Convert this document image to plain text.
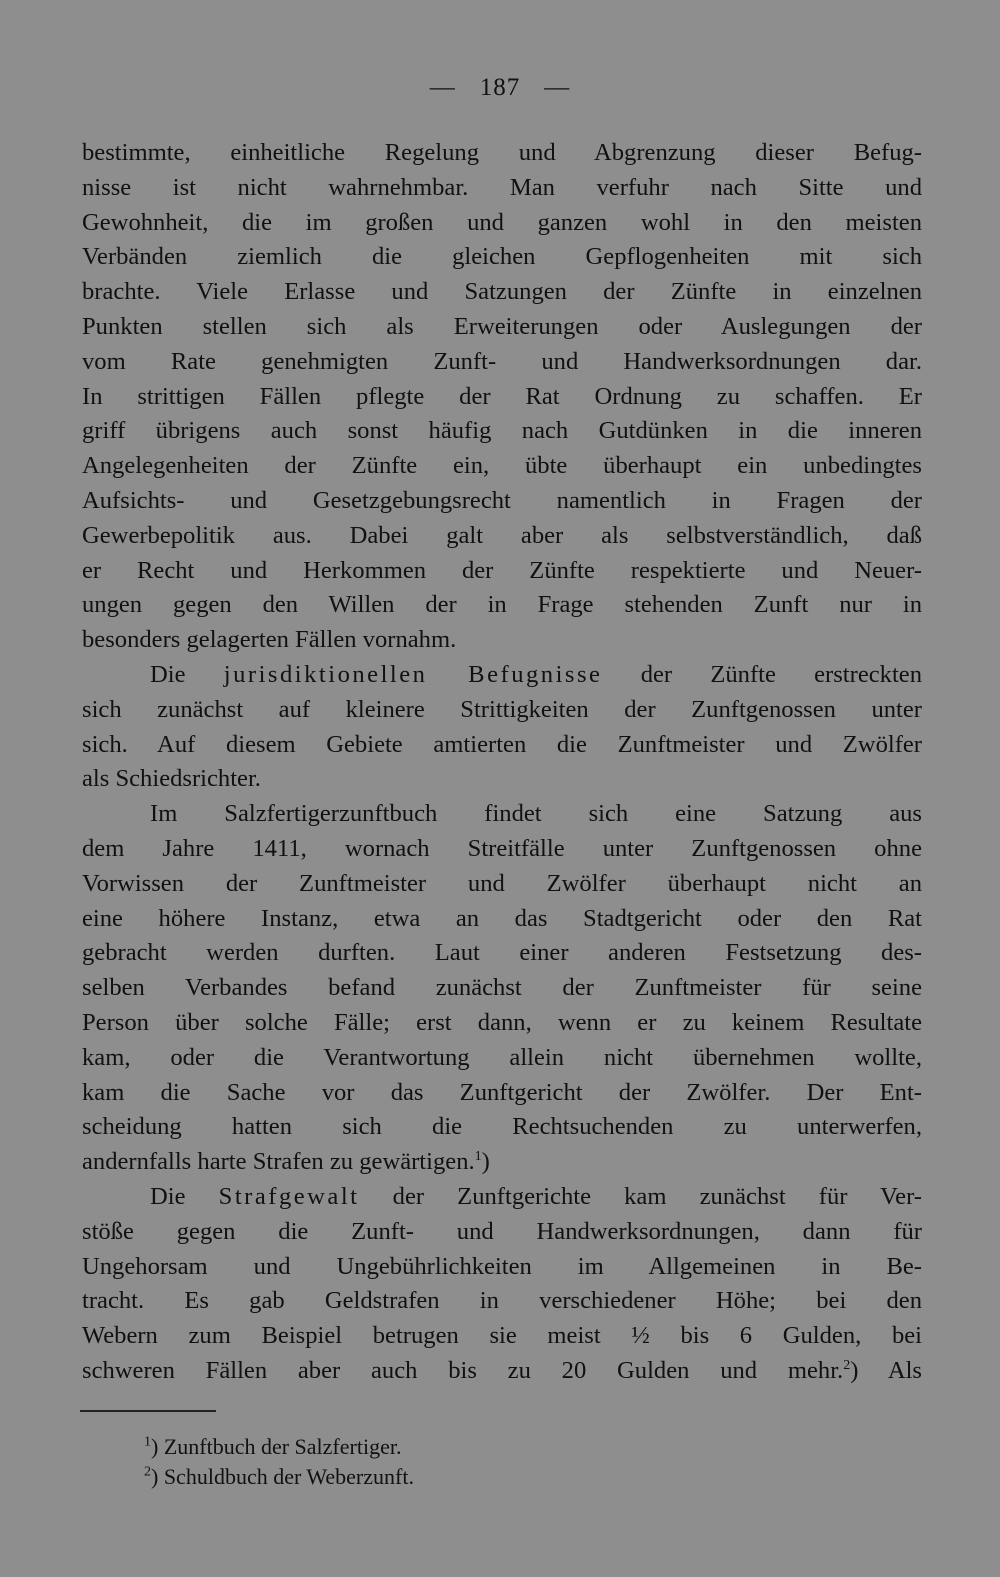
— 187 —
bestimmte, einheitliche Regelung und Abgrenzung dieser Befug-
nisse ist nicht wahrnehmbar. Man verfuhr nach Sitte und
Gewohnheit, die im großen und ganzen wohl in den meisten
Verbänden ziemlich die gleichen Gepflogenheiten mit sich
brachte. Viele Erlasse und Satzungen der Zünfte in einzelnen
Punkten stellen sich als Erweiterungen oder Auslegungen der
vom Rate genehmigten Zunft- und Handwerksordnungen dar.
In strittigen Fällen pflegte der Rat Ordnung zu schaffen. Er
griff übrigens auch sonst häufig nach Gutdünken in die inneren
Angelegenheiten der Zünfte ein, übte überhaupt ein unbedingtes
Aufsichts- und Gesetzgebungsrecht namentlich in Fragen der
Gewerbepolitik aus. Dabei galt aber als selbstverständlich, daß
er Recht und Herkommen der Zünfte respektierte und Neuer-
ungen gegen den Willen der in Frage stehenden Zunft nur in
besonders gelagerten Fällen vornahm.
Die jurisdiktionellen Befugnisse der Zünfte erstreckten
sich zunächst auf kleinere Strittigkeiten der Zunftgenossen unter
sich. Auf diesem Gebiete amtierten die Zunftmeister und Zwölfer
als Schiedsrichter.
Im Salzfertigerzunftbuch findet sich eine Satzung aus
dem Jahre 1411, wornach Streitfälle unter Zunftgenossen ohne
Vorwissen der Zunftmeister und Zwölfer überhaupt nicht an
eine höhere Instanz, etwa an das Stadtgericht oder den Rat
gebracht werden durften. Laut einer anderen Festsetzung des-
selben Verbandes befand zunächst der Zunftmeister für seine
Person über solche Fälle; erst dann, wenn er zu keinem Resultate
kam, oder die Verantwortung allein nicht übernehmen wollte,
kam die Sache vor das Zunftgericht der Zwölfer. Der Ent-
scheidung hatten sich die Rechtsuchenden zu unterwerfen,
andernfalls harte Strafen zu gewärtigen.$^1$)
Die Strafgewalt der Zunftgerichte kam zunächst für Ver-
stöße gegen die Zunft- und Handwerksordnungen, dann für
Ungehorsam und Ungebührlichkeiten im Allgemeinen in Be-
tracht. Es gab Geldstrafen in verschiedener Höhe; bei den
Webern zum Beispiel betrugen sie meist ½ bis 6 Gulden, bei
schweren Fällen aber auch bis zu 20 Gulden und mehr.$^2$) Als
$^1$) Zunftbuch der Salzfertiger.
$^2$) Schuldbuch der Weberzunft.
